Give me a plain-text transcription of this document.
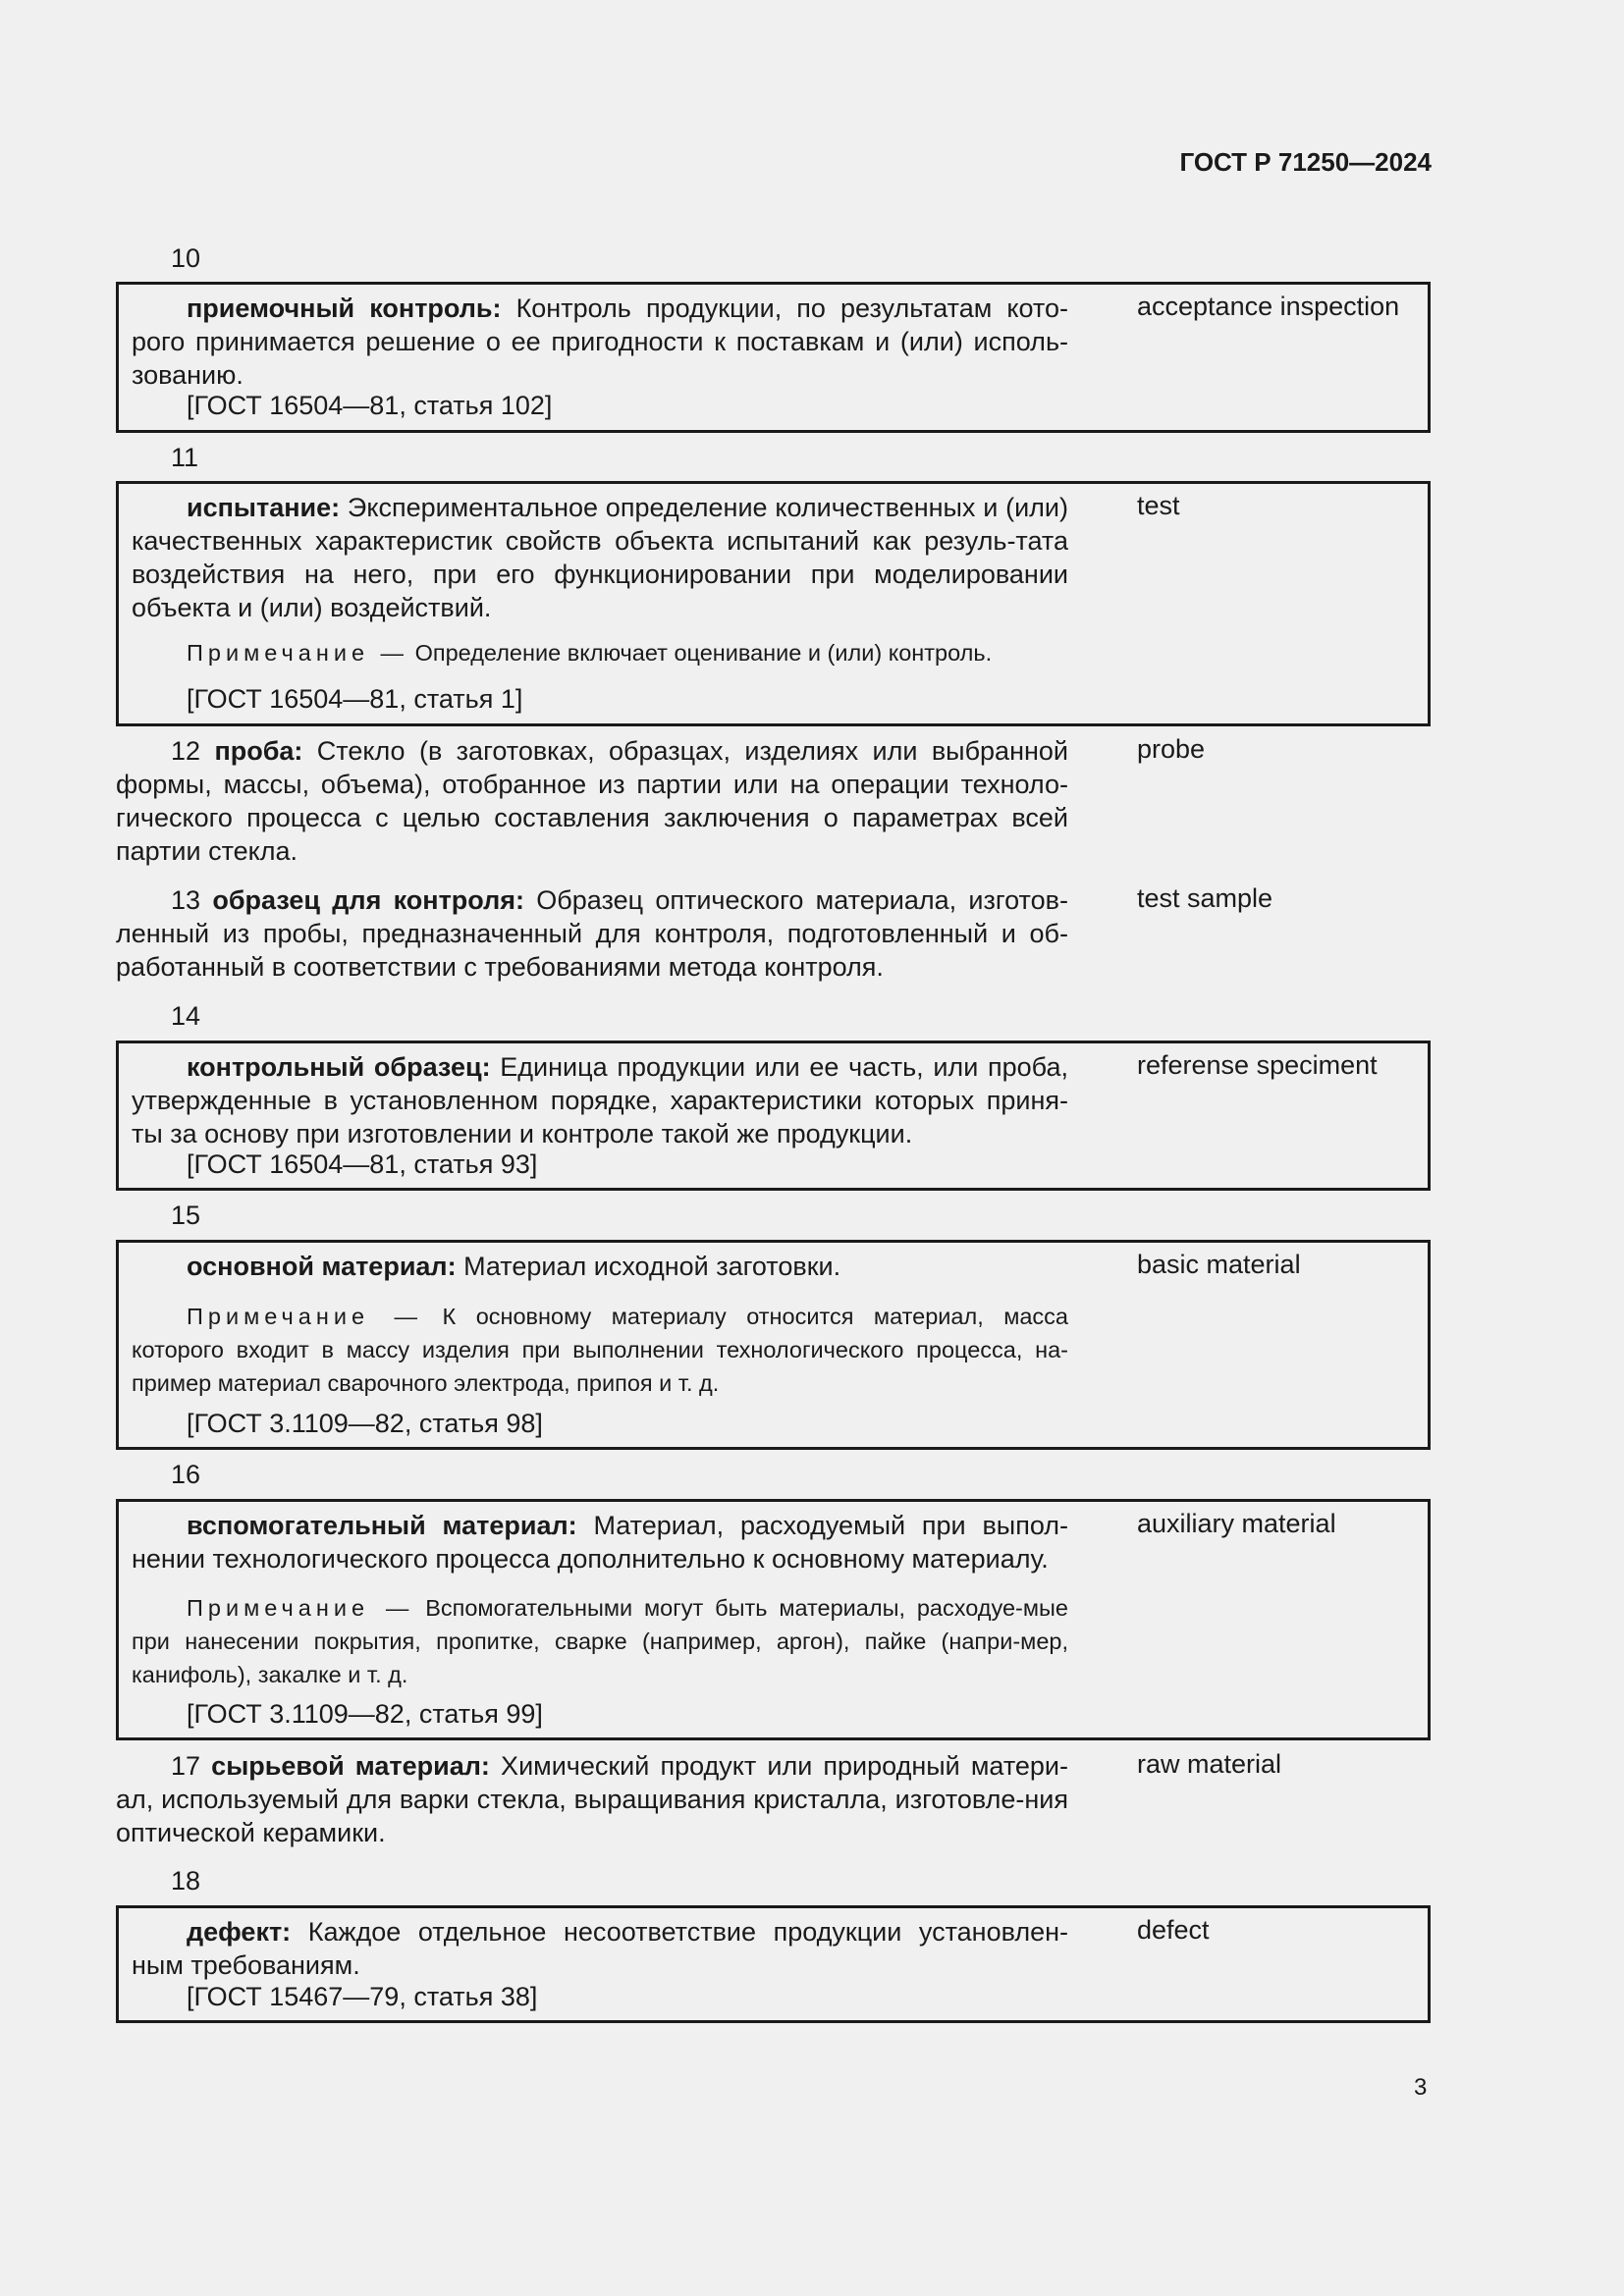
ГОСТ Р 71250—2024
10
приемочный контроль: Контроль продукции, по результатам кото-рого принимается решение о ее пригодности к поставкам и (или) исполь-зованию.
[ГОСТ 16504—81, статья 102]
acceptance inspection
11
испытание: Экспериментальное определение количественных и (или) качественных характеристик свойств объекта испытаний как резуль-тата воздействия на него, при его функционировании при моделировании объекта и (или) воздействий.
Примечание — Определение включает оценивание и (или) контроль.
[ГОСТ 16504—81, статья 1]
test
12 проба: Стекло (в заготовках, образцах, изделиях или выбранной формы, массы, объема), отобранное из партии или на операции техноло-гического процесса с целью составления заключения о параметрах всей партии стекла.
probe
13 образец для контроля: Образец оптического материала, изготов-ленный из пробы, предназначенный для контроля, подготовленный и об-работанный в соответствии с требованиями метода контроля.
test sample
14
контрольный образец: Единица продукции или ее часть, или проба, утвержденные в установленном порядке, характеристики которых приня-ты за основу при изготовлении и контроле такой же продукции.
[ГОСТ 16504—81, статья 93]
referense speciment
15
основной материал: Материал исходной заготовки.
Примечание — К основному материалу относится материал, масса которого входит в массу изделия при выполнении технологического процесса, на-пример материал сварочного электрода, припоя и т. д.
[ГОСТ 3.1109—82, статья 98]
basic material
16
вспомогательный материал: Материал, расходуемый при выпол-нении технологического процесса дополнительно к основному материалу.
Примечание — Вспомогательными могут быть материалы, расходуе-мые при нанесении покрытия, пропитке, сварке (например, аргон), пайке (напри-мер, канифоль), закалке и т. д.
[ГОСТ 3.1109—82, статья 99]
auxiliary material
17 сырьевой материал: Химический продукт или природный матери-ал, используемый для варки стекла, выращивания кристалла, изготовле-ния оптической керамики.
raw material
18
дефект: Каждое отдельное несоответствие продукции установлен-ным требованиям.
[ГОСТ 15467—79, статья 38]
defect
3
